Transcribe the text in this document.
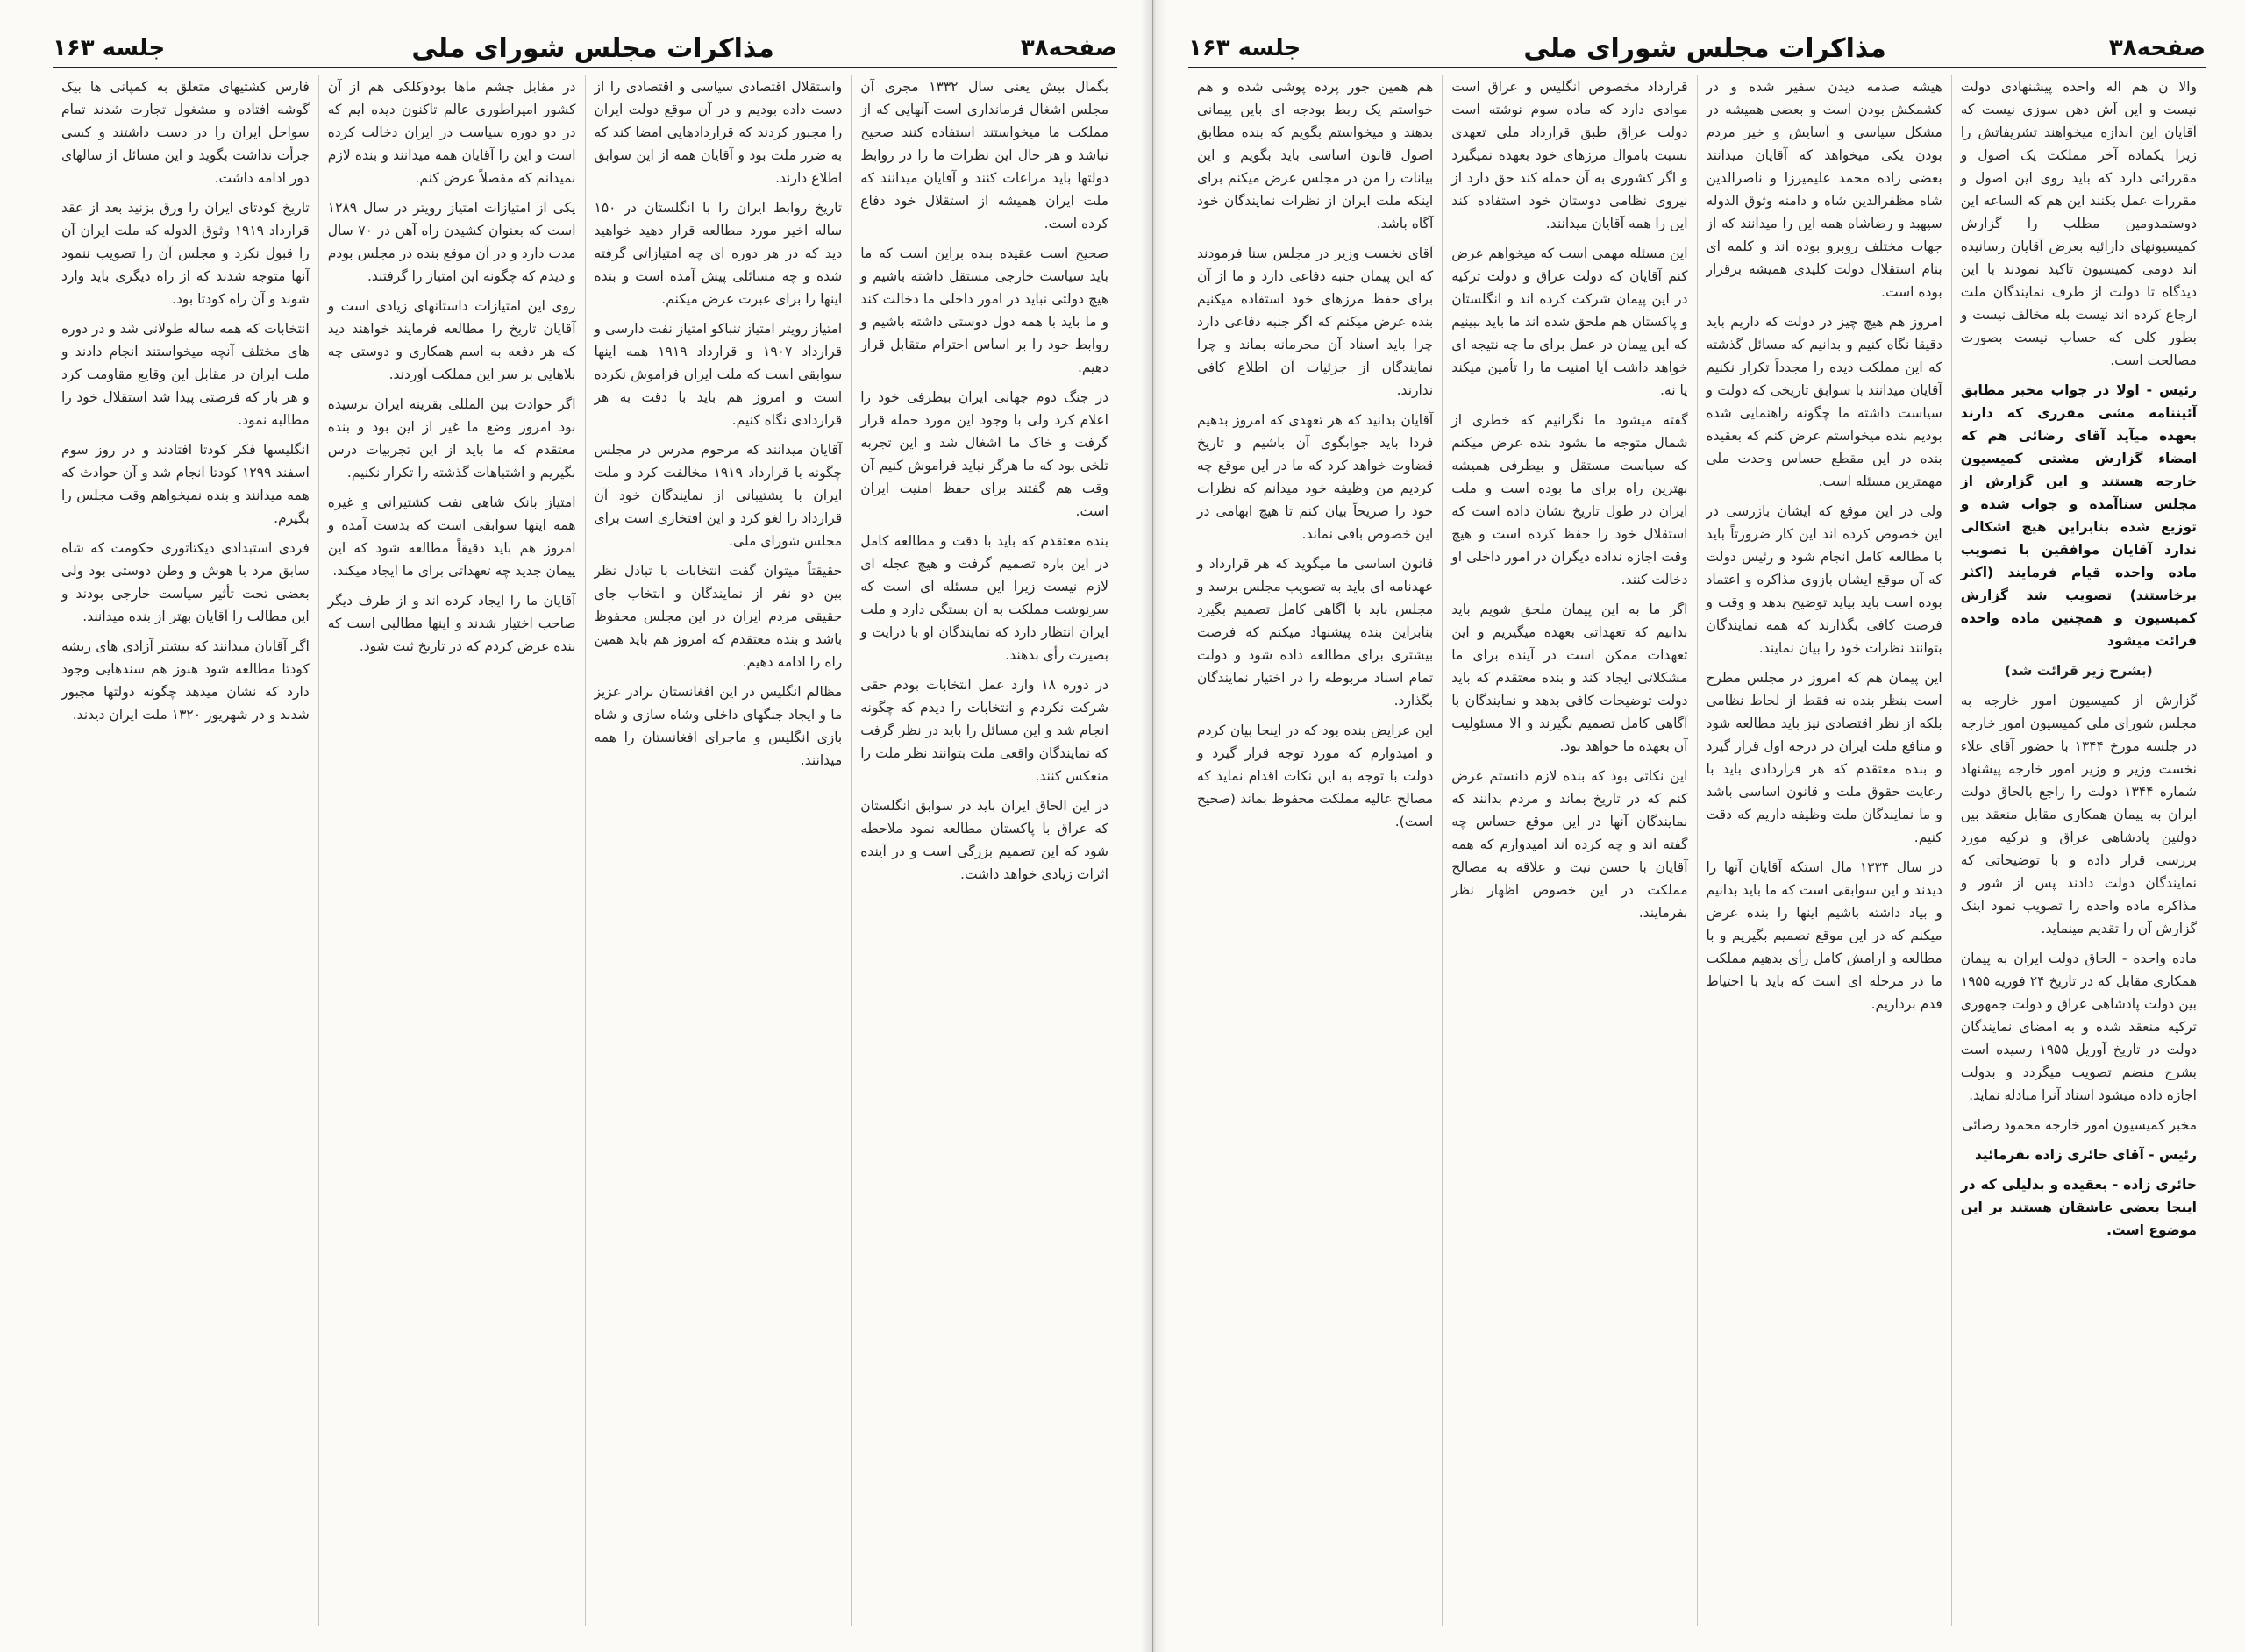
صفحه۳۸
مذاکرات مجلس شورای ملی
جلسه ۱۶۳

بگمال بیش یعنی سال ۱۳۳۲ مجری آن مجلس اشغال فرمانداری است آنهایی که از مملکت ما میخواستند استفاده کنند صحیح نباشد و هر حال این نظرات ما را در روابط دولتها باید مراعات کنند و آقایان میدانند که ملت ایران همیشه از استقلال خود دفاع کرده است.

صحیح است عقیده بنده براین است که ما باید سیاست خارجی مستقل داشته باشیم و هیچ دولتی نباید در امور داخلی ما دخالت کند و ما باید با همه دول دوستی داشته باشیم و روابط خود را بر اساس احترام متقابل قرار دهیم.

در جنگ دوم جهانی ایران بیطرفی خود را اعلام کرد ولی با وجود این مورد حمله قرار گرفت و خاک ما اشغال شد و این تجربه تلخی بود که ما هرگز نباید فراموش کنیم آن وقت هم گفتند برای حفظ امنیت ایران است.

بنده معتقدم که باید با دقت و مطالعه کامل در این باره تصمیم گرفت و هیچ عجله ای لازم نیست زیرا این مسئله ای است که سرنوشت مملکت به آن بستگی دارد و ملت ایران انتظار دارد که نمایندگان او با درایت و بصیرت رأی بدهند.

در دوره ۱۸ وارد عمل انتخابات بودم حقی شرکت نکردم و انتخابات را دیدم که چگونه انجام شد و این مسائل را باید در نظر گرفت که نمایندگان واقعی ملت بتوانند نظر ملت را منعکس کنند.

در این الحاق ایران باید در سوابق انگلستان که عراق با پاکستان مطالعه نمود ملاحظه شود که این تصمیم بزرگی است و در آینده اثرات زیادی خواهد داشت.

واستقلال اقتصادی سیاسی و اقتصادی را از دست داده بودیم و در آن موقع دولت ایران را مجبور کردند که قراردادهایی امضا کند که به ضرر ملت بود و آقایان همه از این سوابق اطلاع دارند.

تاریخ روابط ایران را با انگلستان در ۱۵۰ ساله اخیر مورد مطالعه قرار دهید خواهید دید که در هر دوره ای چه امتیازاتی گرفته شده و چه مسائلی پیش آمده است و بنده اینها را برای عبرت عرض میکنم.

امتیاز رویتر امتیاز تنباکو امتیاز نفت دارسی و قرارداد ۱۹۰۷ و قرارداد ۱۹۱۹ همه اینها سوابقی است که ملت ایران فراموش نکرده است و امروز هم باید با دقت به هر قراردادی نگاه کنیم.

آقایان میدانند که مرحوم مدرس در مجلس چگونه با قرارداد ۱۹۱۹ مخالفت کرد و ملت ایران با پشتیبانی از نمایندگان خود آن قرارداد را لغو کرد و این افتخاری است برای مجلس شورای ملی.

حقیقتاً میتوان گفت انتخابات با تبادل نظر بین دو نفر از نمایندگان و انتخاب جای حقیقی مردم ایران در این مجلس محفوظ باشد و بنده معتقدم که امروز هم باید همین راه را ادامه دهیم.

مظالم انگلیس در این افغانستان برادر عزیز ما و ایجاد جنگهای داخلی وشاه سازی و شاه بازی انگلیس و ماجرای افغانستان را همه میدانند.

در مقابل چشم ماها بودوکلکی هم از آن کشور امپراطوری عالم تاکنون دیده ایم که در دو دوره سیاست در ایران دخالت کرده است و این را آقایان همه میدانند و بنده لازم نمیدانم که مفصلاً عرض کنم.

یکی از امتیازات امتیاز رویتر در سال ۱۲۸۹ است که بعنوان کشیدن راه آهن در ۷۰ سال مدت دارد و در آن موقع بنده در مجلس بودم و دیدم که چگونه این امتیاز را گرفتند.

روی این امتیازات داستانهای زیادی است و آقایان تاریخ را مطالعه فرمایند خواهند دید که هر دفعه به اسم همکاری و دوستی چه بلاهایی بر سر این مملکت آوردند.

اگر حوادث بین المللی بقرینه ایران نرسیده بود امروز وضع ما غیر از این بود و بنده معتقدم که ما باید از این تجربیات درس بگیریم و اشتباهات گذشته را تکرار نکنیم.

امتیاز بانک شاهی نفت کشتیرانی و غیره همه اینها سوابقی است که بدست آمده و امروز هم باید دقیقاً مطالعه شود که این پیمان جدید چه تعهداتی برای ما ایجاد میکند.

آقایان ما را ایجاد کرده اند و از طرف دیگر صاحب اختیار شدند و اینها مطالبی است که بنده عرض کردم که در تاریخ ثبت شود.

فارس کشتیهای متعلق به کمپانی ها بیک گوشه افتاده و مشغول تجارت شدند تمام سواحل ایران را در دست داشتند و کسی جرأت نداشت بگوید و این مسائل از سالهای دور ادامه داشت.

تاریخ کودتای ایران را ورق بزنید بعد از عقد قرارداد ۱۹۱۹ وثوق الدوله که ملت ایران آن را قبول نکرد و مجلس آن را تصویب ننمود آنها متوجه شدند که از راه دیگری باید وارد شوند و آن راه کودتا بود.

انتخابات که همه ساله طولانی شد و در دوره های مختلف آنچه میخواستند انجام دادند و ملت ایران در مقابل این وقایع مقاومت کرد و هر بار که فرصتی پیدا شد استقلال خود را مطالبه نمود.

انگلیسها فکر کودتا افتادند و در روز سوم اسفند ۱۲۹۹ کودتا انجام شد و آن حوادث که همه میدانند و بنده نمیخواهم وقت مجلس را بگیرم.

فردی استبدادی دیکتاتوری حکومت که شاه سابق مرد با هوش و وطن دوستی بود ولی بعضی تحت تأثیر سیاست خارجی بودند و این مطالب را آقایان بهتر از بنده میدانند.

اگر آقایان میدانند که بیشتر آزادی های ریشه کودتا مطالعه شود هنوز هم سندهایی وجود دارد که نشان میدهد چگونه دولتها مجبور شدند و در شهریور ۱۳۲۰ ملت ایران دیدند.

صفحه۳۸
مذاکرات مجلس شورای ملی
جلسه ۱۶۳

والا ن هم اله واحده پیشنهادی دولت نیست و این آش دهن سوزی نیست که آقایان این اندازه میخواهند تشریفاتش را زیرا یکماده آخر مملکت یک اصول و مقرراتی دارد که باید روی این اصول و مقررات عمل بکنند این هم که الساعه این دوستمدومین مطلب را گزارش کمیسیونهای دارائیه بعرض آقایان رسانیده اند دومی کمیسیون تاکید نمودند با این دیدگاه تا دولت از طرف نمایندگان ملت ارجاع کرده اند نیست بله مخالف نیست و بطور کلی که حساب نیست بصورت مصالحت است.

رئیس - اولا در جواب مخبر مطابق آئیننامه مشی مقرری که دارند بعهده میآید آقای رضائی هم که امضاء گزارش مشتی کمیسیون خارجه هستند و این گزارش از مجلس سناآمده و جواب شده و توزیع شده بنابراین هیچ اشکالی ندارد آقایان موافقین با تصویب ماده واحده قیام فرمایند (اکثر برخاستند) تصویب شد گزارش کمیسیون و همچنین ماده واحده قرائت میشود

(بشرح زیر قرائت شد)

گزارش از کمیسیون امور خارجه به مجلس شورای ملی کمیسیون امور خارجه در جلسه مورخ ۱۳۴۴ با حضور آقای علاء نخست وزیر و وزیر امور خارجه پیشنهاد شماره ۱۳۴۴ دولت را راجع بالحاق دولت ایران به پیمان همکاری مقابل منعقد بین دولتین پادشاهی عراق و ترکیه مورد بررسی قرار داده و با توضیحاتی که نمایندگان دولت دادند پس از شور و مذاکره ماده واحده را تصویب نمود اینک گزارش آن را تقدیم مینماید.

ماده واحده - الحاق دولت ایران به پیمان همکاری مقابل که در تاریخ ۲۴ فوریه ۱۹۵۵ بین دولت پادشاهی عراق و دولت جمهوری ترکیه منعقد شده و به امضای نمایندگان دولت در تاریخ آوریل ۱۹۵۵ رسیده است بشرح منضم تصویب میگردد و بدولت اجازه داده میشود اسناد آنرا مبادله نماید.

مخبر کمیسیون امور خارجه محمود رضائی

رئیس - آقای حائری زاده بفرمائید

حائری زاده - بعقیده و بدلیلی که در اینجا بعضی عاشقان هستند بر این موضوع است.

هیشه صدمه دیدن سفیر شده و در کشمکش بودن است و بعضی همیشه در مشکل سیاسی و آسایش و خیر مردم بودن یکی میخواهد که آقایان میدانند بعضی زاده محمد علیمیرزا و ناصرالدین شاه مظفرالدین شاه و دامنه وثوق الدوله سپهبد و رضاشاه همه این را میدانند که از جهات مختلف روبرو بوده اند و کلمه ای بنام استقلال دولت کلیدی همیشه برقرار بوده است.

امروز هم هیچ چیز در دولت که داریم باید دقیقا نگاه کنیم و بدانیم که مسائل گذشته که این مملکت دیده را مجدداً تکرار نکنیم آقایان میدانند با سوابق تاریخی که دولت و سیاست داشته ما چگونه راهنمایی شده بودیم بنده میخواستم عرض کنم که بعقیده بنده در این مقطع حساس وحدت ملی مهمترین مسئله است.

ولی در این موقع که ایشان بازرسی در این خصوص کرده اند این کار ضرورتاً باید با مطالعه کامل انجام شود و رئیس دولت که آن موقع ایشان بازوی مذاکره و اعتماد بوده است باید بیاید توضیح بدهد و وقت و فرصت کافی بگذارند که همه نمایندگان بتوانند نظرات خود را بیان نمایند.

این پیمان هم که امروز در مجلس مطرح است بنظر بنده نه فقط از لحاظ نظامی بلکه از نظر اقتصادی نیز باید مطالعه شود و منافع ملت ایران در درجه اول قرار گیرد و بنده معتقدم که هر قراردادی باید با رعایت حقوق ملت و قانون اساسی باشد و ما نمایندگان ملت وظیفه داریم که دقت کنیم.

در سال ۱۳۳۴ مال استکه آقایان آنها را دیدند و این سوابقی است که ما باید بدانیم و بیاد داشته باشیم اینها را بنده عرض میکنم که در این موقع تصمیم بگیریم و با مطالعه و آرامش کامل رأی بدهیم مملکت ما در مرحله ای است که باید با احتیاط قدم برداریم.

قرارداد مخصوص انگلیس و عراق است موادی دارد که ماده سوم نوشته است دولت عراق طبق قرارداد ملی تعهدی نسبت باموال مرزهای خود بعهده نمیگیرد و اگر کشوری به آن حمله کند حق دارد از نیروی نظامی دوستان خود استفاده کند این را همه آقایان میدانند.

این مسئله مهمی است که میخواهم عرض کنم آقایان که دولت عراق و دولت ترکیه در این پیمان شرکت کرده اند و انگلستان و پاکستان هم ملحق شده اند ما باید ببینیم که این پیمان در عمل برای ما چه نتیجه ای خواهد داشت آیا امنیت ما را تأمین میکند یا نه.

گفته میشود ما نگرانیم که خطری از شمال متوجه ما بشود بنده عرض میکنم که سیاست مستقل و بیطرفی همیشه بهترین راه برای ما بوده است و ملت ایران در طول تاریخ نشان داده است که استقلال خود را حفظ کرده است و هیچ وقت اجازه نداده دیگران در امور داخلی او دخالت کنند.

اگر ما به این پیمان ملحق شویم باید بدانیم که تعهداتی بعهده میگیریم و این تعهدات ممکن است در آینده برای ما مشکلاتی ایجاد کند و بنده معتقدم که باید دولت توضیحات کافی بدهد و نمایندگان با آگاهی کامل تصمیم بگیرند و الا مسئولیت آن بعهده ما خواهد بود.

این نکاتی بود که بنده لازم دانستم عرض کنم که در تاریخ بماند و مردم بدانند که نمایندگان آنها در این موقع حساس چه گفته اند و چه کرده اند امیدوارم که همه آقایان با حسن نیت و علاقه به مصالح مملکت در این خصوص اظهار نظر بفرمایند.

هم همین جور پرده پوشی شده و هم خواستم یک ربط بودجه ای باین پیمانی بدهند و میخواستم بگویم که بنده مطابق اصول قانون اساسی باید بگویم و این بیانات را من در مجلس عرض میکنم برای اینکه ملت ایران از نظرات نمایندگان خود آگاه باشد.

آقای نخست وزیر در مجلس سنا فرمودند که این پیمان جنبه دفاعی دارد و ما از آن برای حفظ مرزهای خود استفاده میکنیم بنده عرض میکنم که اگر جنبه دفاعی دارد چرا باید اسناد آن محرمانه بماند و چرا نمایندگان از جزئیات آن اطلاع کافی ندارند.

آقایان بدانید که هر تعهدی که امروز بدهیم فردا باید جوابگوی آن باشیم و تاریخ قضاوت خواهد کرد که ما در این موقع چه کردیم من وظیفه خود میدانم که نظرات خود را صریحاً بیان کنم تا هیچ ابهامی در این خصوص باقی نماند.

قانون اساسی ما میگوید که هر قرارداد و عهدنامه ای باید به تصویب مجلس برسد و مجلس باید با آگاهی کامل تصمیم بگیرد بنابراین بنده پیشنهاد میکنم که فرصت بیشتری برای مطالعه داده شود و دولت تمام اسناد مربوطه را در اختیار نمایندگان بگذارد.

این عرایض بنده بود که در اینجا بیان کردم و امیدوارم که مورد توجه قرار گیرد و دولت با توجه به این نکات اقدام نماید که مصالح عالیه مملکت محفوظ بماند (صحیح است).
